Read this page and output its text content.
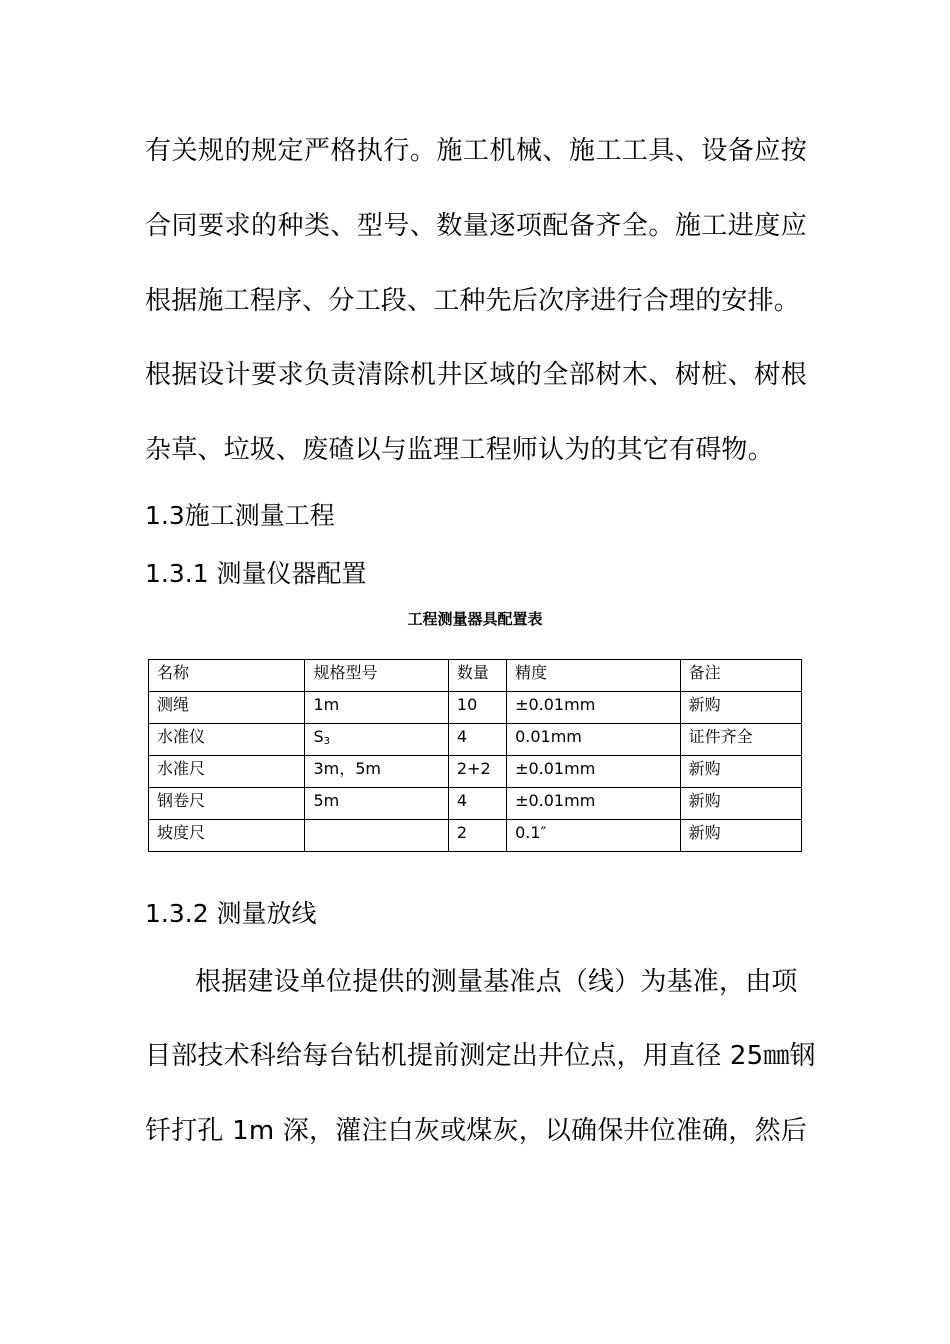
有关规的规定严格执行。施工机械、施工工具、设备应按
合同要求的种类、型号、数量逐项配备齐全。施工进度应
根据施工程序、分工段、工种先后次序进行合理的安排。
根据设计要求负责清除机井区域的全部树木、树桩、树根
杂草、垃圾、废碴以与监理工程师认为的其它有碍物。
1.3施工测量工程
1.3.1 测量仪器配置
工程测量器具配置表
名称	规格型号	数量	精度	备注
测绳	1m	10	±0.01mm	新购
水准仪	$S_3$	4	0.01mm	证件齐全
水准尺	3m，5m	2+2	±0.01mm	新购
钢卷尺	5m	4	±0.01mm	新购
坡度尺		2	0.1″	新购
1.3.2 测量放线
根据建设单位提供的测量基准点（线）为基准，由项
目部技术科给每台钻机提前测定出井位点，用直径 25㎜钢
钎打孔 1m 深，灌注白灰或煤灰，以确保井位准确，然后
